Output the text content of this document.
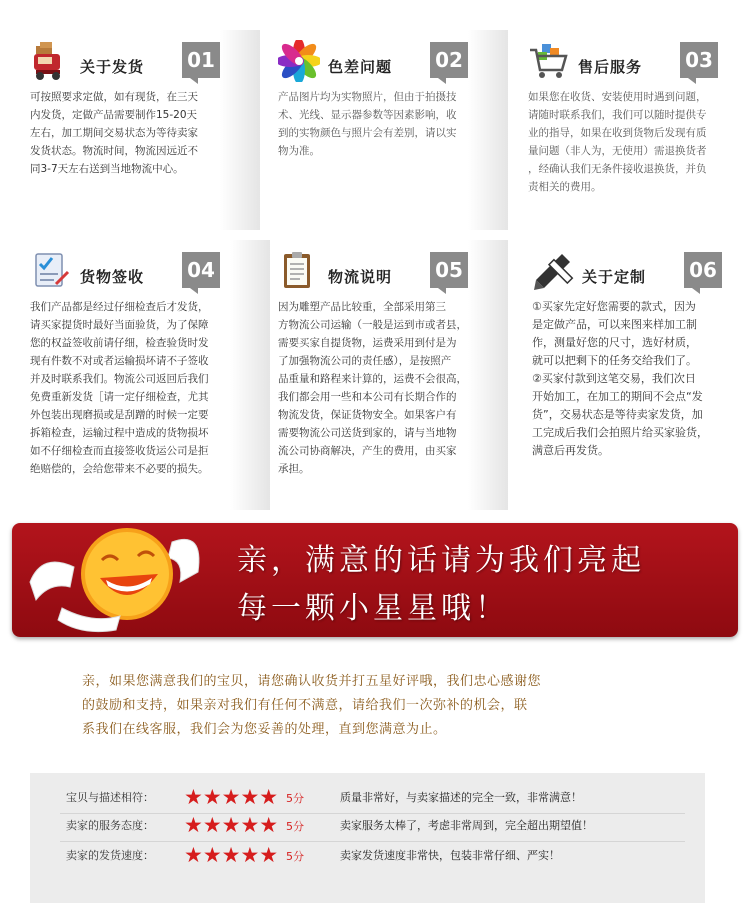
关于发货 01
可按照要求定做，如有现货，在三天
内发货，定做产品需要制作15-20天
左右，加工期间交易状态为等待卖家
发货状态。物流时间，物流因远近不
同3-7天左右送到当地物流中心。
色差问题 02
产品图片均为实物照片，但由于拍摄技
术、光线、显示器参数等因素影响，收
到的实物颜色与照片会有差别，请以实
物为准。
售后服务 03
如果您在收货、安装使用时遇到问题，
请随时联系我们，我们可以随时提供专
业的指导，如果在收到货物后发现有质
量问题（非人为，无使用）需退换货者
，经确认我们无条件接收退换货，并负
责相关的费用。
货物签收 04
我们产品都是经过仔细检查后才发货，
请买家提货时最好当面验货，为了保障
您的权益签收前请仔细，检查验货时发
现有件数不对或者运输损坏请不子签收
并及时联系我们。物流公司返回后我们
免费重新发货［请一定仔细检查，尤其
外包装出现磨损或是刮蹭的时候一定要
拆箱检查，运输过程中造成的货物损坏
如不仔细检查而直接签收货运公司是拒
绝赔偿的，会给您带来不必要的损失。
物流说明 05
因为雕塑产品比较重，全部采用第三
方物流公司运输（一般是运到市或者县，
需要买家自提货物，运费采用到付是为
了加强物流公司的责任感），是按照产
品重量和路程来计算的，运费不会很高，
我们都会用一些和本公司有长期合作的
物流发货，保证货物安全。如果客户有
需要物流公司送货到家的，请与当地物
流公司协商解决，产生的费用，由买家
承担。
关于定制 06
①买家先定好您需要的款式，因为
是定做产品，可以来图来样加工制
作，测量好您的尺寸，选好材质，
就可以把剩下的任务交给我们了。
②买家付款到这笔交易，我们次日
开始加工，在加工的期间不会点“发
货”，交易状态是等待卖家发货，加
工完成后我们会拍照片给买家验货，
满意后再发货。
亲，满意的话请为我们亮起
每一颗小星星哦！
亲，如果您满意我们的宝贝，请您确认收货并打五星好评哦，我们忠心感谢您
的鼓励和支持，如果亲对我们有任何不满意，请给我们一次弥补的机会，联
系我们在线客服，我们会为您妥善的处理，直到您满意为止。
宝贝与描述相符： ★★★★★ 5分	质量非常好，与卖家描述的完全一致，非常满意！
卖家的服务态度： ★★★★★ 5分	卖家服务太棒了，考虑非常周到，完全超出期望值！
卖家的发货速度： ★★★★★ 5分	卖家发货速度非常快，包装非常仔细、严实！
